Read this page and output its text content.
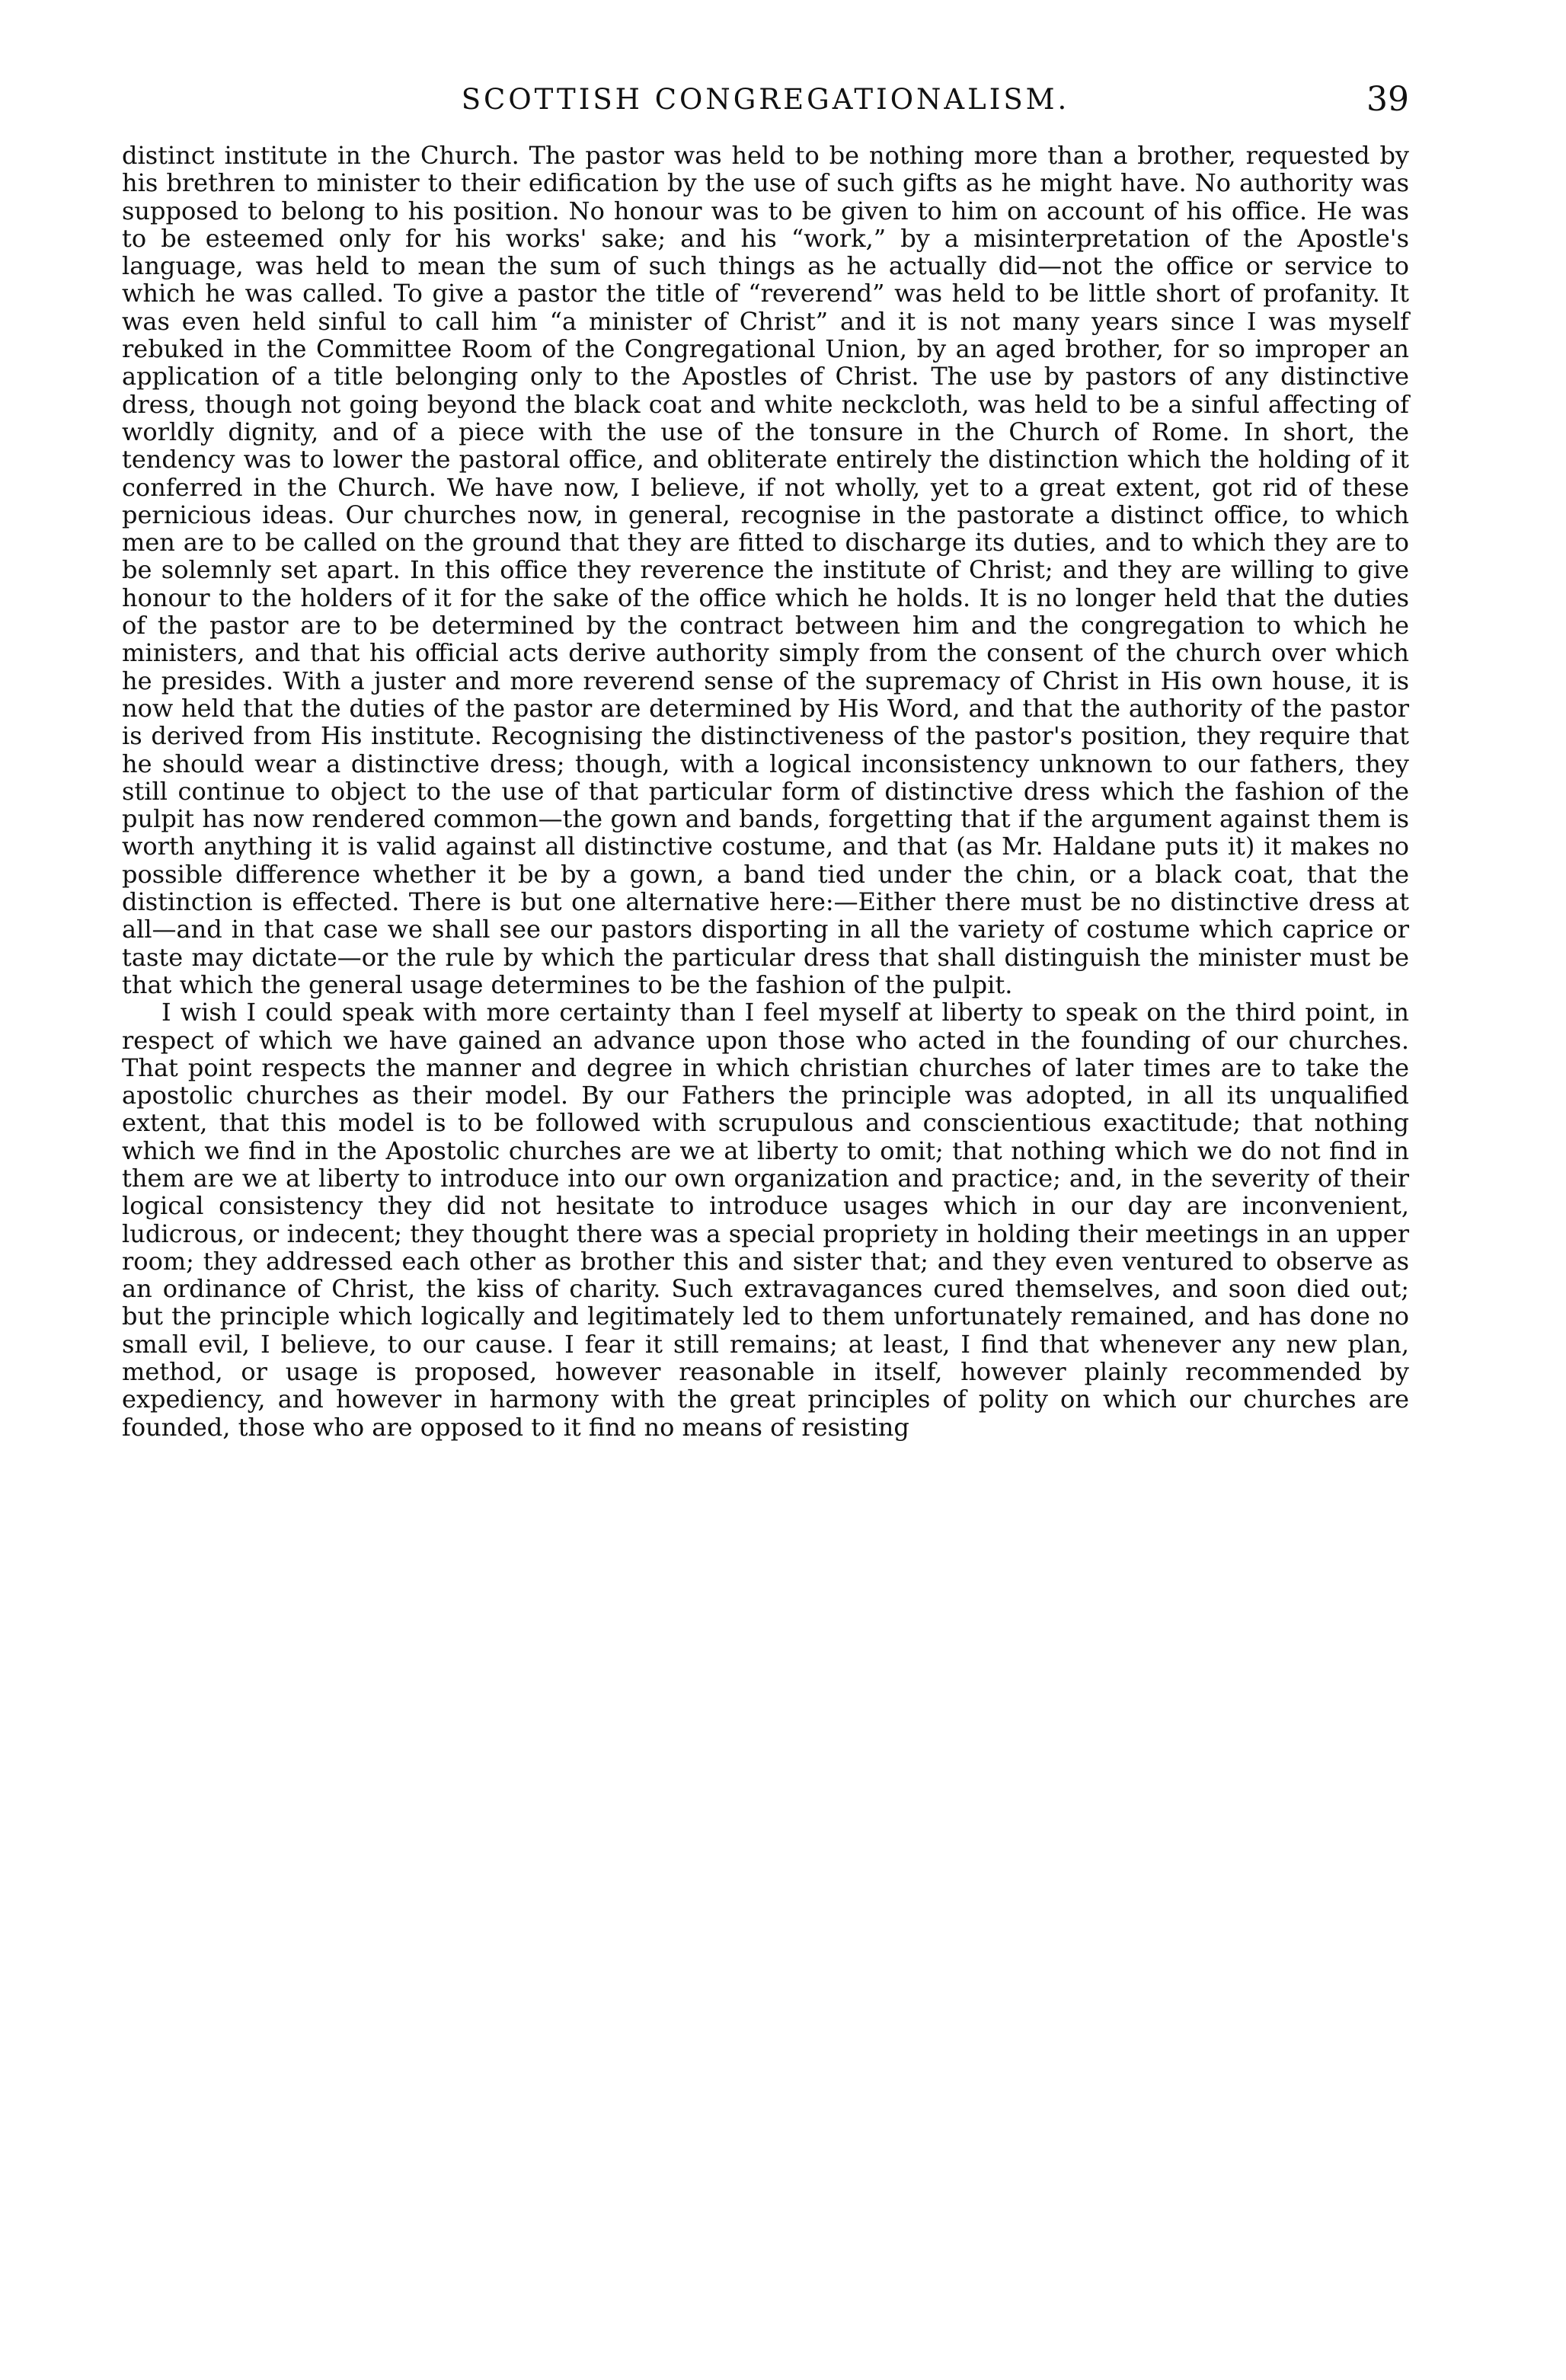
SCOTTISH CONGREGATIONALISM.	39

distinct institute in the Church. The pastor was held to be nothing more than a brother, requested by his brethren to minister to their edification by the use of such gifts as he might have. No authority was supposed to belong to his position. No honour was to be given to him on account of his office. He was to be esteemed only for his works' sake; and his “work,” by a misinterpretation of the Apostle's language, was held to mean the sum of such things as he actually did—not the office or service to which he was called. To give a pastor the title of “reverend” was held to be little short of profanity. It was even held sinful to call him “a minister of Christ” and it is not many years since I was myself rebuked in the Committee Room of the Congregational Union, by an aged brother, for so improper an application of a title belonging only to the Apostles of Christ. The use by pastors of any distinctive dress, though not going beyond the black coat and white neckcloth, was held to be a sinful affecting of worldly dignity, and of a piece with the use of the tonsure in the Church of Rome. In short, the tendency was to lower the pastoral office, and obliterate entirely the distinction which the holding of it conferred in the Church. We have now, I believe, if not wholly, yet to a great extent, got rid of these pernicious ideas. Our churches now, in general, recognise in the pastorate a distinct office, to which men are to be called on the ground that they are fitted to discharge its duties, and to which they are to be solemnly set apart. In this office they reverence the institute of Christ; and they are willing to give honour to the holders of it for the sake of the office which he holds. It is no longer held that the duties of the pastor are to be determined by the contract between him and the congregation to which he ministers, and that his official acts derive authority simply from the consent of the church over which he presides. With a juster and more reverend sense of the supremacy of Christ in His own house, it is now held that the duties of the pastor are determined by His Word, and that the authority of the pastor is derived from His institute. Recognising the distinctiveness of the pastor's position, they require that he should wear a distinctive dress; though, with a logical inconsistency unknown to our fathers, they still continue to object to the use of that particular form of distinctive dress which the fashion of the pulpit has now rendered common—the gown and bands, forgetting that if the argument against them is worth anything it is valid against all distinctive costume, and that (as Mr. Haldane puts it) it makes no possible difference whether it be by a gown, a band tied under the chin, or a black coat, that the distinction is effected. There is but one alternative here:—Either there must be no distinctive dress at all—and in that case we shall see our pastors disporting in all the variety of costume which caprice or taste may dictate—or the rule by which the particular dress that shall distinguish the minister must be that which the general usage determines to be the fashion of the pulpit.

I wish I could speak with more certainty than I feel myself at liberty to speak on the third point, in respect of which we have gained an advance upon those who acted in the founding of our churches. That point respects the manner and degree in which christian churches of later times are to take the apostolic churches as their model. By our Fathers the principle was adopted, in all its unqualified extent, that this model is to be followed with scrupulous and conscientious exactitude; that nothing which we find in the Apostolic churches are we at liberty to omit; that nothing which we do not find in them are we at liberty to introduce into our own organization and practice; and, in the severity of their logical consistency they did not hesitate to introduce usages which in our day are inconvenient, ludicrous, or indecent; they thought there was a special propriety in holding their meetings in an upper room; they addressed each other as brother this and sister that; and they even ventured to observe as an ordinance of Christ, the kiss of charity. Such extravagances cured themselves, and soon died out; but the principle which logically and legitimately led to them unfortunately remained, and has done no small evil, I believe, to our cause. I fear it still remains; at least, I find that whenever any new plan, method, or usage is proposed, however reasonable in itself, however plainly recommended by expediency, and however in harmony with the great principles of polity on which our churches are founded, those who are opposed to it find no means of resisting
